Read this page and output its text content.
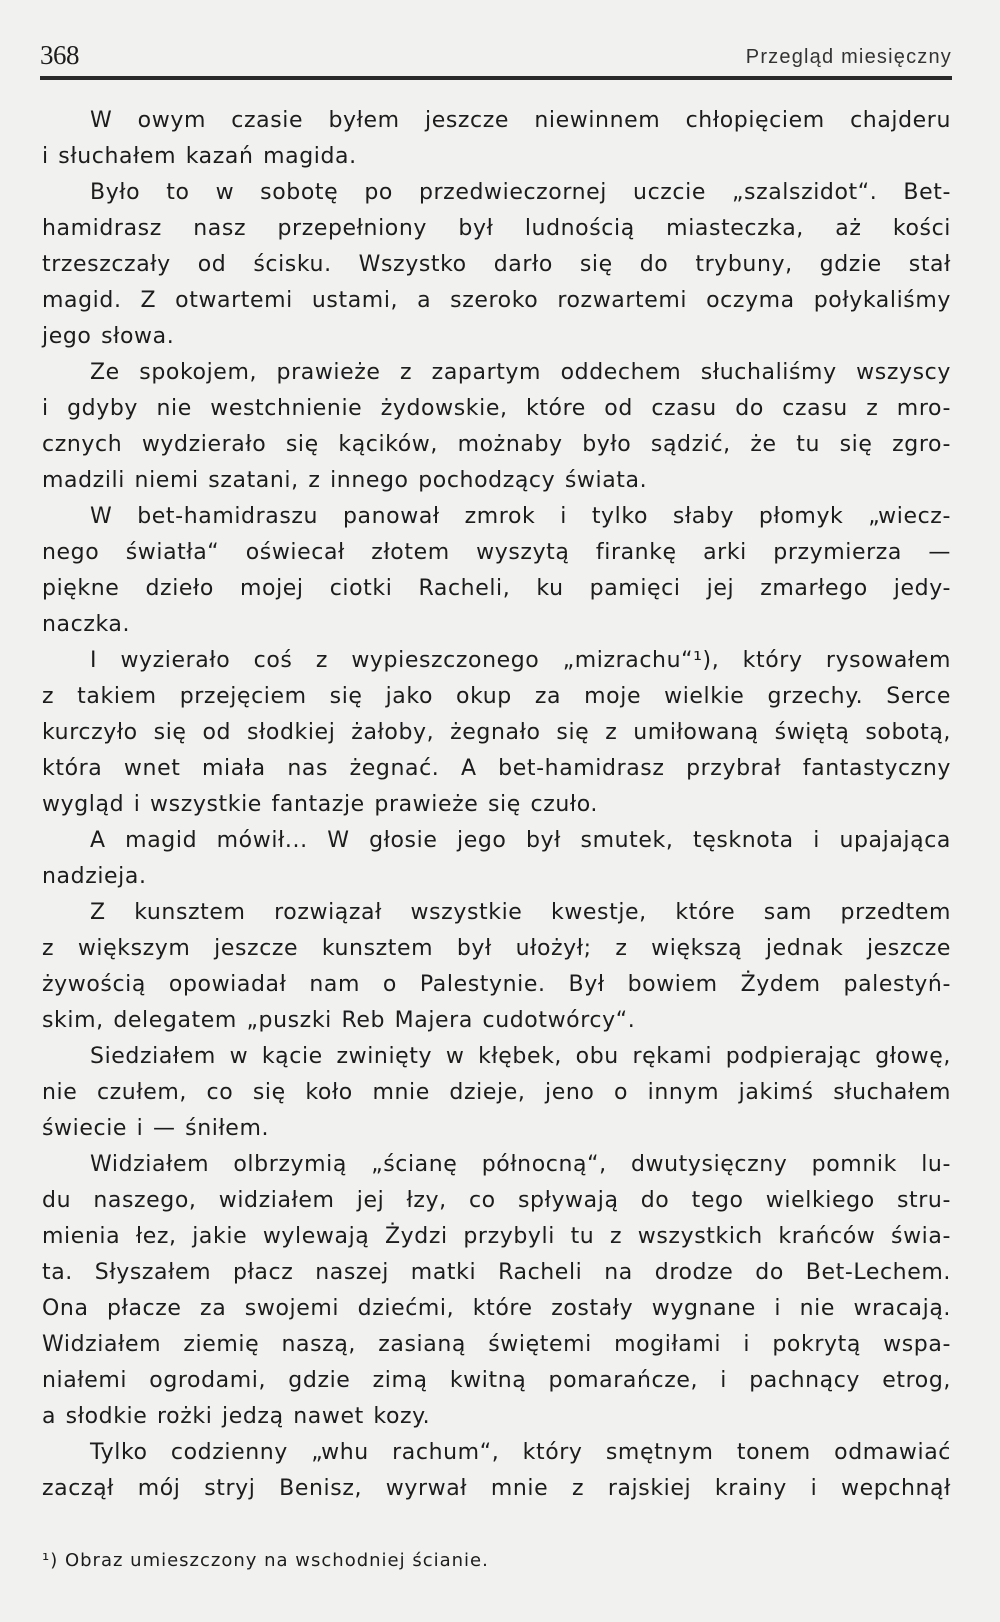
368	Przegląd miesięczny
W owym czasie byłem jeszcze niewinnem chłopięciem chajderu
i słuchałem kazań magida.
Było to w sobotę po przedwieczornej uczcie „szalszidot“. Bet-
hamidrasz nasz przepełniony był ludnością miasteczka, aż kości
trzeszczały od ścisku. Wszystko darło się do trybuny, gdzie stał
magid. Z otwartemi ustami, a szeroko rozwartemi oczyma połykaliśmy
jego słowa.
Ze spokojem, prawieże z zapartym oddechem słuchaliśmy wszyscy
i gdyby nie westchnienie żydowskie, które od czasu do czasu z mro-
cznych wydzierało się kącików, możnaby było sądzić, że tu się zgro-
madzili niemi szatani, z innego pochodzący świata.
W bet-hamidraszu panował zmrok i tylko słaby płomyk „wiecz-
nego światła“ oświecał złotem wyszytą firankę arki przymierza —
piękne dzieło mojej ciotki Racheli, ku pamięci jej zmarłego jedy-
naczka.
I wyzierało coś z wypieszczonego „mizrachu“¹), który rysowałem
z takiem przejęciem się jako okup za moje wielkie grzechy. Serce
kurczyło się od słodkiej żałoby, żegnało się z umiłowaną świętą sobotą,
która wnet miała nas żegnać. A bet-hamidrasz przybrał fantastyczny
wygląd i wszystkie fantazje prawieże się czuło.
A magid mówił... W głosie jego był smutek, tęsknota i upajająca
nadzieja.
Z kunsztem rozwiązał wszystkie kwestje, które sam przedtem
z większym jeszcze kunsztem był ułożył; z większą jednak jeszcze
żywością opowiadał nam o Palestynie. Był bowiem Żydem palestyń-
skim, delegatem „puszki Reb Majera cudotwórcy“.
Siedziałem w kącie zwinięty w kłębek, obu rękami podpierając głowę,
nie czułem, co się koło mnie dzieje, jeno o innym jakimś słuchałem
świecie i — śniłem.
Widziałem olbrzymią „ścianę północną“, dwutysięczny pomnik lu-
du naszego, widziałem jej łzy, co spływają do tego wielkiego stru-
mienia łez, jakie wylewają Żydzi przybyli tu z wszystkich krańców świa-
ta. Słyszałem płacz naszej matki Racheli na drodze do Bet-Lechem.
Ona płacze za swojemi dziećmi, które zostały wygnane i nie wracają.
Widziałem ziemię naszą, zasianą świętemi mogiłami i pokrytą wspa-
niałemi ogrodami, gdzie zimą kwitną pomarańcze, i pachnący etrog,
a słodkie rożki jedzą nawet kozy.
Tylko codzienny „whu rachum“, który smętnym tonem odmawiać
zaczął mój stryj Benisz, wyrwał mnie z rajskiej krainy i wepchnął
¹) Obraz umieszczony na wschodniej ścianie.
